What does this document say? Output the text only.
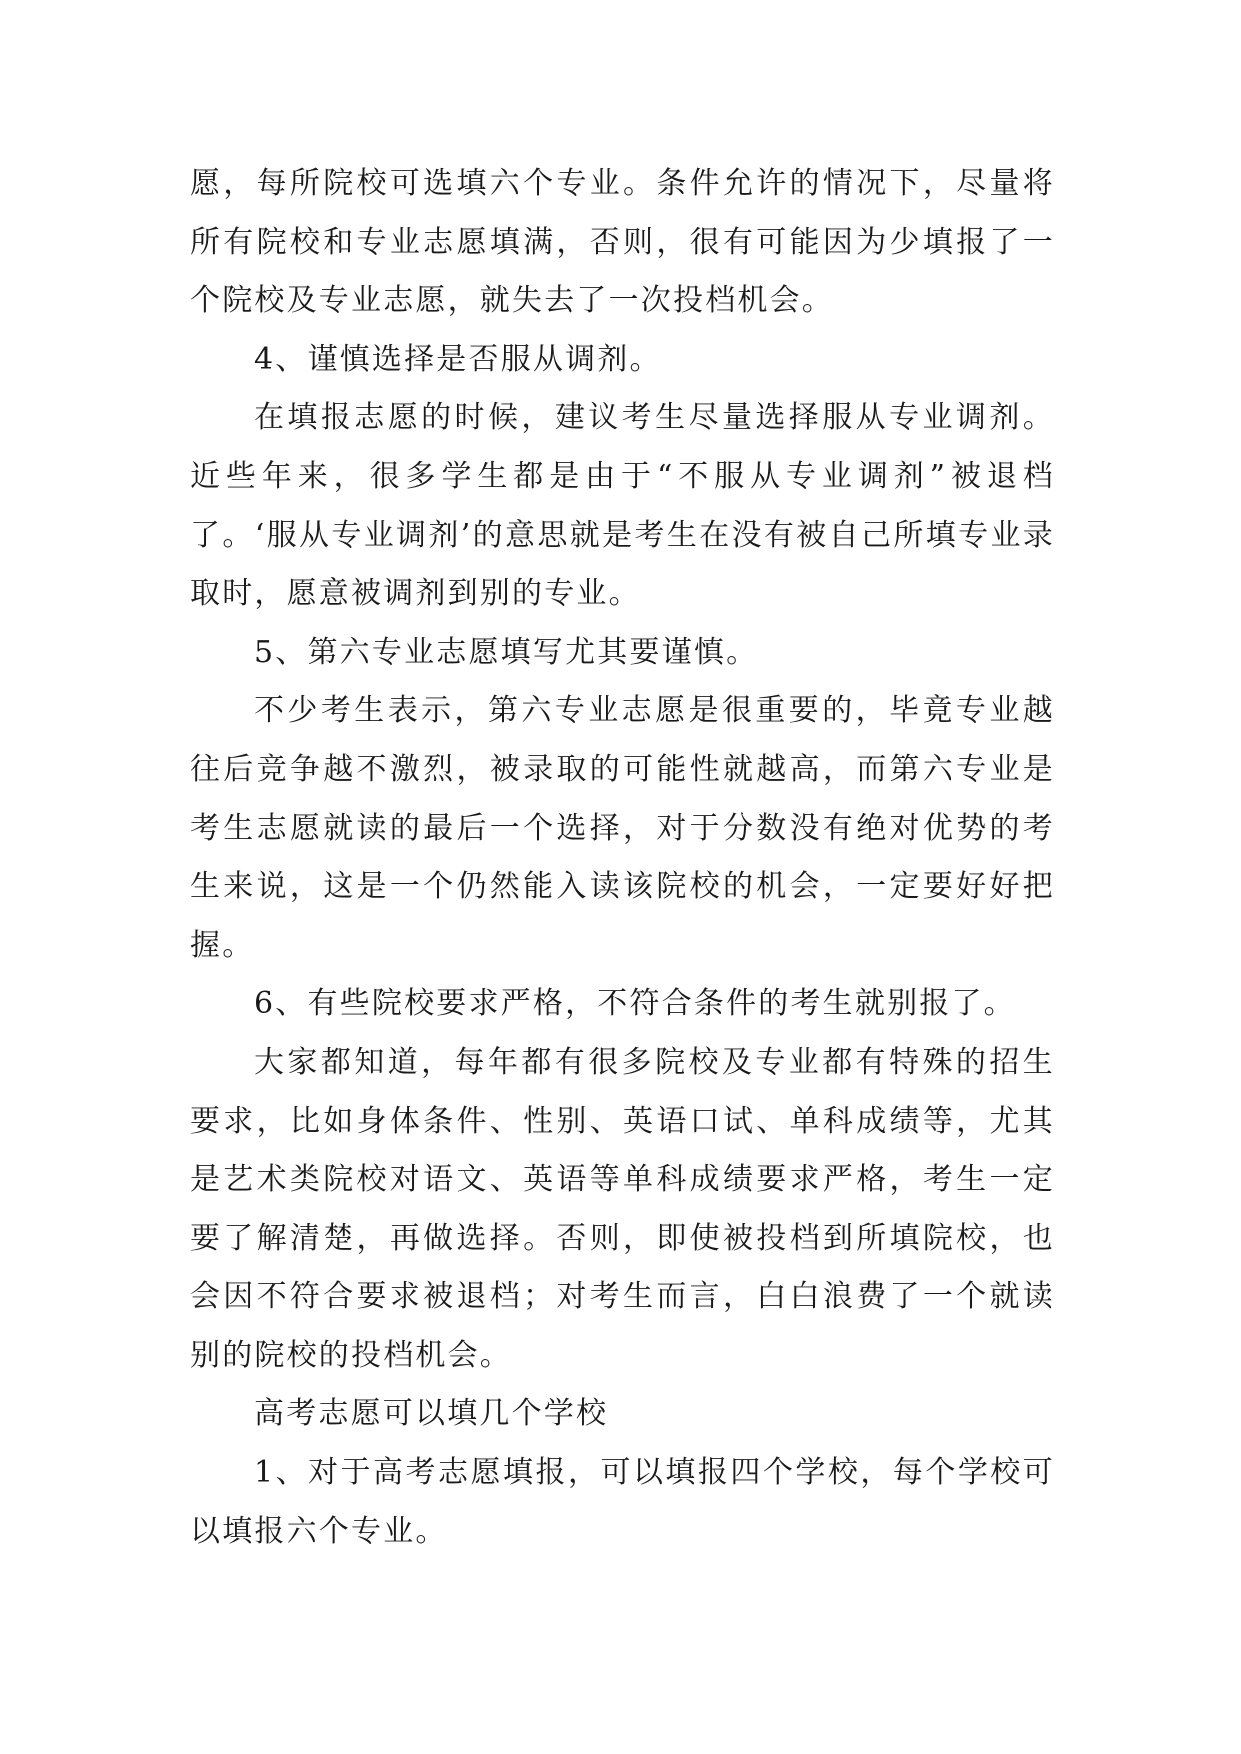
愿，每所院校可选填六个专业。条件允许的情况下，尽量将所有院校和专业志愿填满，否则，很有可能因为少填报了一个院校及专业志愿，就失去了一次投档机会。

4、谨慎选择是否服从调剂。

在填报志愿的时候，建议考生尽量选择服从专业调剂。近些年来，很多学生都是由于“不服从专业调剂”被退档了。‘服从专业调剂’的意思就是考生在没有被自己所填专业录取时，愿意被调剂到别的专业。

5、第六专业志愿填写尤其要谨慎。

不少考生表示，第六专业志愿是很重要的，毕竟专业越往后竞争越不激烈，被录取的可能性就越高，而第六专业是考生志愿就读的最后一个选择，对于分数没有绝对优势的考生来说，这是一个仍然能入读该院校的机会，一定要好好把握。

6、有些院校要求严格，不符合条件的考生就别报了。

大家都知道，每年都有很多院校及专业都有特殊的招生要求，比如身体条件、性别、英语口试、单科成绩等，尤其是艺术类院校对语文、英语等单科成绩要求严格，考生一定要了解清楚，再做选择。否则，即使被投档到所填院校，也会因不符合要求被退档；对考生而言，白白浪费了一个就读别的院校的投档机会。

高考志愿可以填几个学校

1、对于高考志愿填报，可以填报四个学校，每个学校可以填报六个专业。
